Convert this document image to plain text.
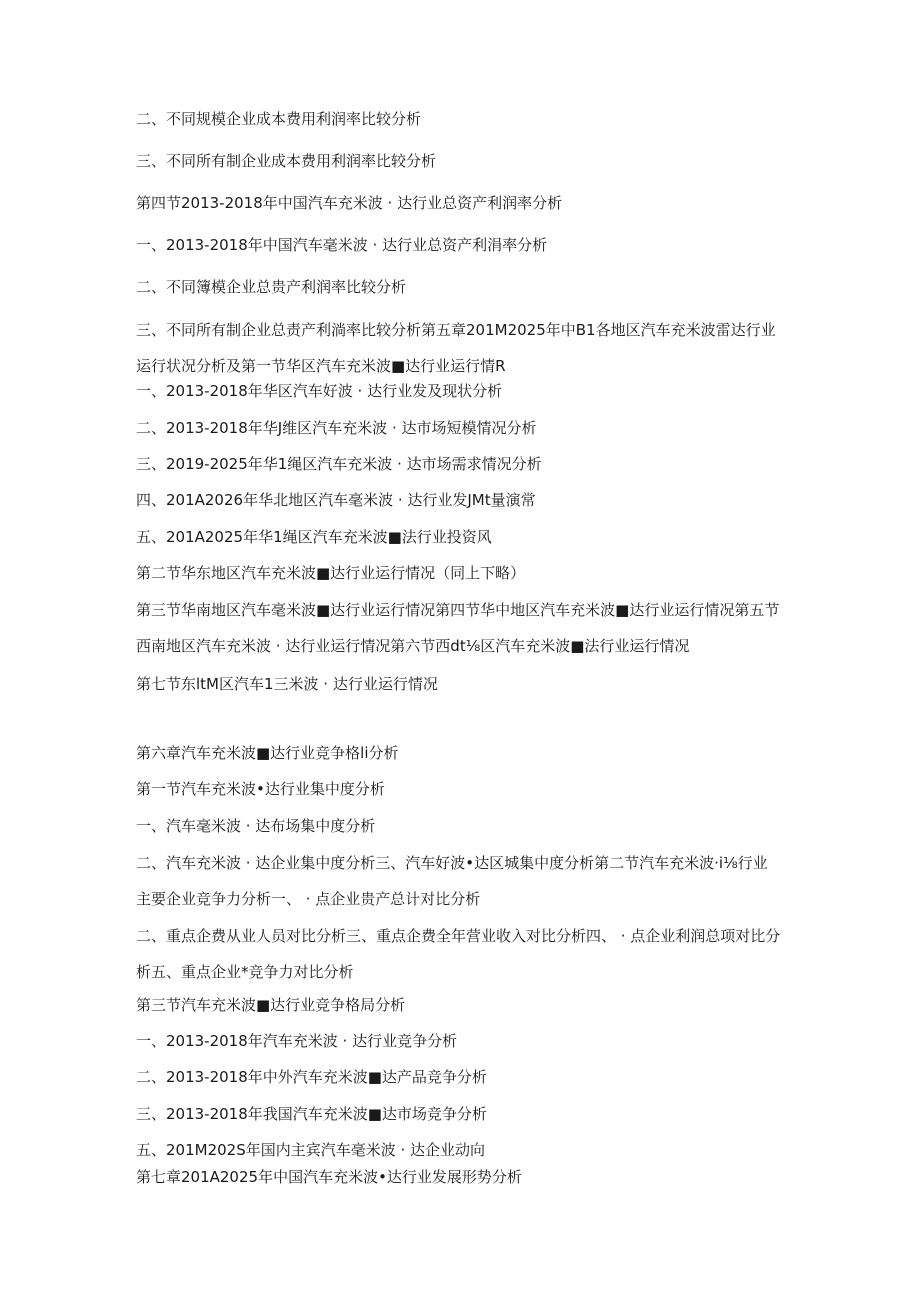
二、不同规模企业成本费用利润率比较分析
三、不同所有制企业成本费用利润率比较分析
第四节2013-2018年中国汽车充米波 · 达行业总资产利润率分析
一、2013-2018年中国汽车毫米波 · 达行业总资产利涓率分析
二、不同簿模企业总贵产利润率比较分析
三、不同所有制企业总责产利淌率比较分析第五章201M2025年中B1各地区汽车充米波雷达行业运行状况分析及第一节华区汽车充米波■达行业运行情R
一、2013-2018年华区汽车好波 · 达行业发及现状分析
二、2013-2018年华J维区汽车充米波 · 达市场短模情况分析
三、2019-2025年华1绳区汽车充米波 · 达市场需求情况分析
四、201A2026年华北地区汽车毫米波 · 达行业发JMt量演常
五、201A2025年华1绳区汽车充米波■法行业投资风
第二节华东地区汽车充米波■达行业运行情况（同上下略）
第三节华南地区汽车毫米波■达行业运行情况第四节华中地区汽车充米波■达行业运行情况第五节西南地区汽车充米波 · 达行业运行情况第六节西dt⅛区汽车充米波■法行业运行情况
第七节东ltM区汽车1三米波 · 达行业运行情况
第六章汽车充米波■达行业竞争格li分析
第一节汽车充米波•达行业集中度分析
一、汽车毫米波 · 达布场集中度分析
二、汽车充米波 · 达企业集中度分析三、汽车好波•达区城集中度分析第二节汽车充米波·i⅛行业主要企业竞争力分析一、 · 点企业贵产总计对比分析
二、重点企费从业人员对比分析三、重点企费全年营业收入对比分析四、 · 点企业利润总项对比分析五、重点企业*竞争力对比分析
第三节汽车充米波■达行业竞争格局分析
一、2013-2018年汽车充米波 · 达行业竞争分析
二、2013-2018年中外汽车充米波■达产品竞争分析
三、2013-2018年我国汽车充米波■达市场竞争分析
五、201M202S年国内主宾汽车毫米波 · 达企业动向
第七章201A2025年中国汽车充米波•达行业发展形势分析
